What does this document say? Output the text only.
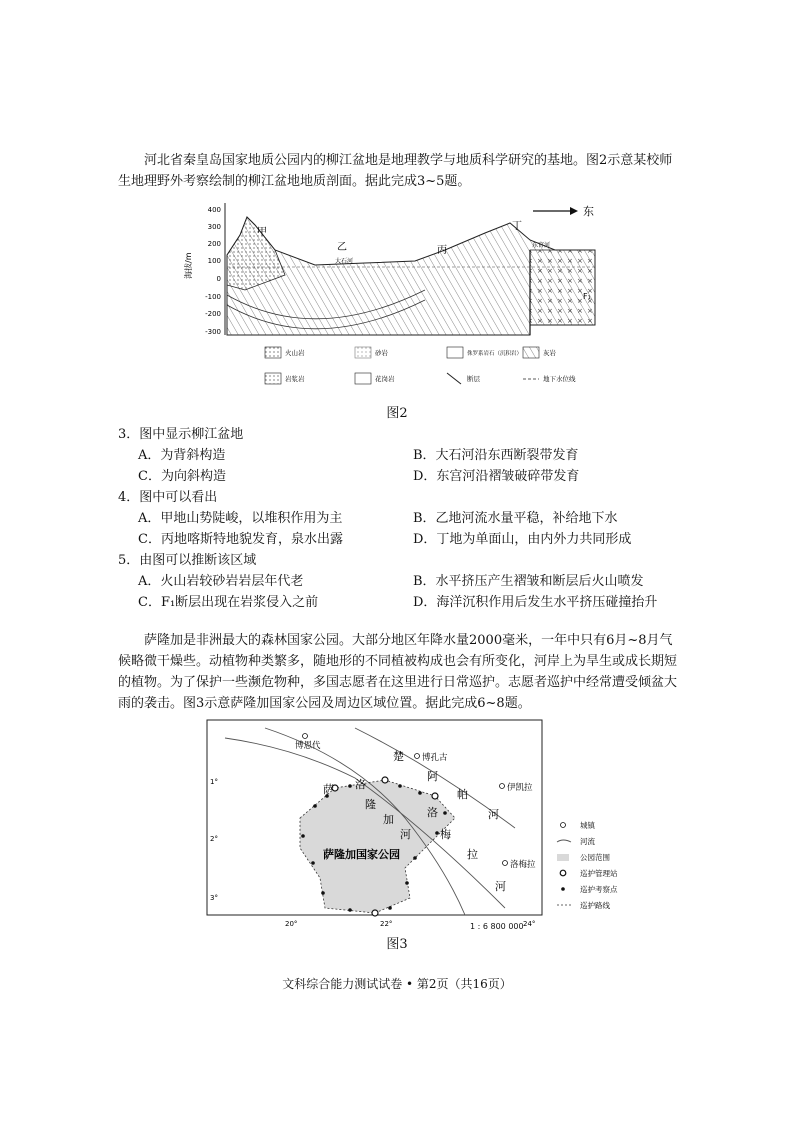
河北省秦皇岛国家地质公园内的柳江盆地是地理教学与地质科学研究的基地。图2示意某校师生地理野外考察绘制的柳江盆地地质剖面。据此完成3~5题。

海拔/m
400
300
200
100
0
-100
-200
-300
甲
乙
大石河
丙
丁
东宫河
F₁
东
火山岩	砂岩	侏罗系岩石（沉积岩）	灰岩
岩浆岩	花岗岩	断层	地下水位线
图2
3．图中显示柳江盆地
A．为背斜构造	B．大石河沿东西断裂带发育
C．为向斜构造	D．东宫河沿褶皱破碎带发育
4．图中可以看出
A．甲地山势陡峻，以堆积作用为主	B．乙地河流水量平稳，补给地下水
C．丙地喀斯特地貌发育，泉水出露	D．丁地为单面山，由内外力共同形成
5．由图可以推断该区域
A．火山岩较砂岩岩层年代老	B．水平挤压产生褶皱和断层后火山喷发
C．F₁断层出现在岩浆侵入之前	D．海洋沉积作用后发生水平挤压碰撞抬升

萨隆加是非洲最大的森林国家公园。大部分地区年降水量2000毫米，一年中只有6月~8月气候略微干燥些。动植物种类繁多，随地形的不同植被构成也会有所变化，河岸上为旱生或成长期短的植物。为了保护一些濒危物种，多国志愿者在这里进行日常巡护。志愿者巡护中经常遭受倾盆大雨的袭击。图3示意萨隆加国家公园及周边区域位置。据此完成6~8题。

博恩代
博孔古
伊凯拉
洛梅拉
楚
阿
帕
河
萨 洛
隆
加
河
洛
梅
拉
河
萨隆加国家公园
1°
2°
3°
20°	22°	24°
城镇
河流
公园范围
巡护管理站
巡护考察点
巡护路线
1 : 6 800 000
图3
文科综合能力测试试卷 • 第2页（共16页）
